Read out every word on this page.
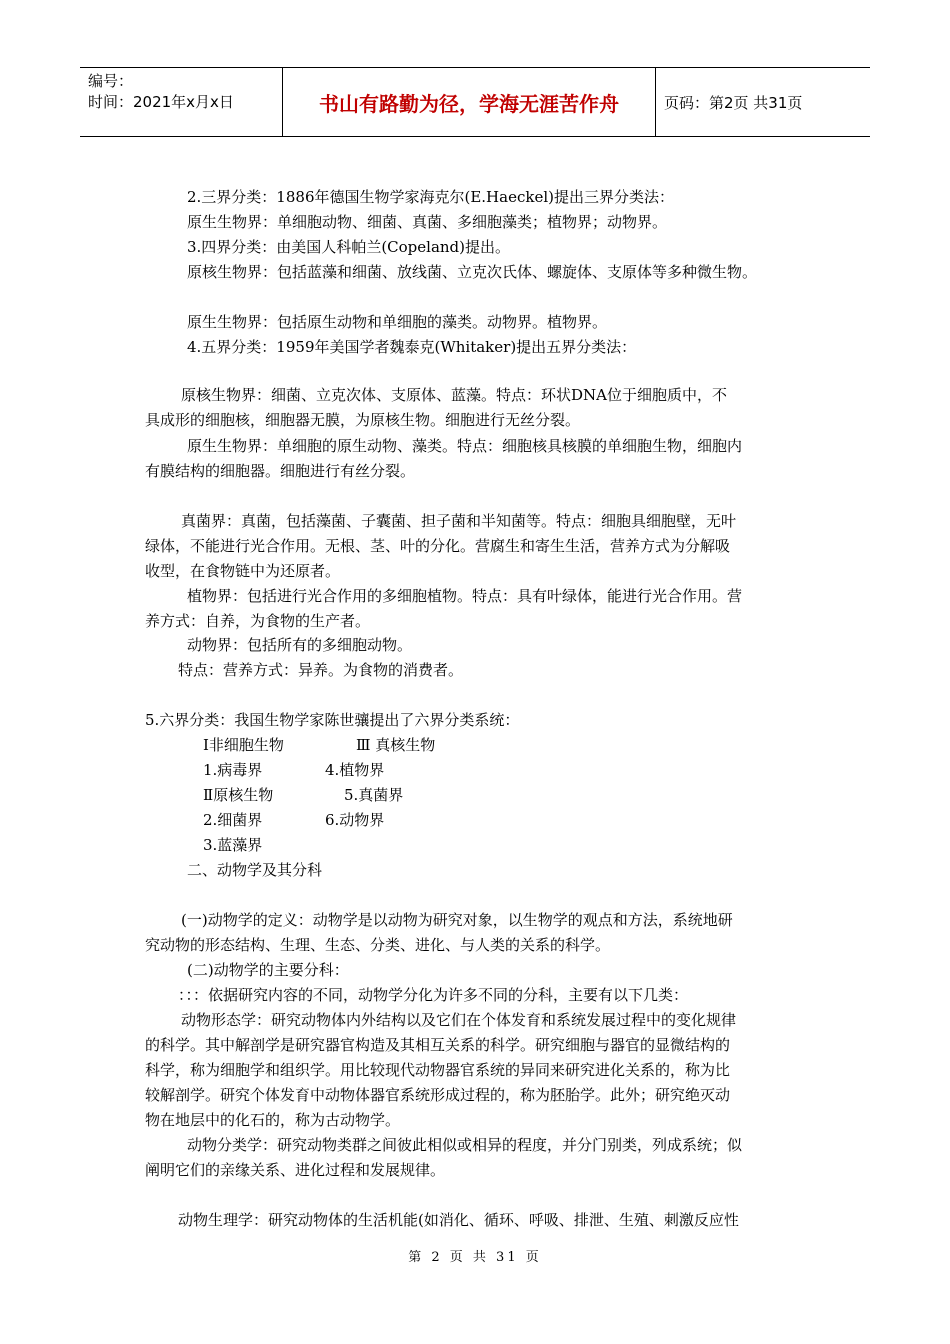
编号：
时间：2021年x月x日	书山有路勤为径，学海无涯苦作舟	页码：第2页 共31页
2.三界分类：1886年德国生物学家海克尔(E.Haeckel)提出三界分类法：
原生生物界：单细胞动物、细菌、真菌、多细胞藻类；植物界；动物界。
3.四界分类：由美国人科帕兰(Copeland)提出。
原核生物界：包括蓝藻和细菌、放线菌、立克次氏体、螺旋体、支原体等多种微生物。
原生生物界：包括原生动物和单细胞的藻类。动物界。植物界。
4.五界分类：1959年美国学者魏泰克(Whitaker)提出五界分类法：
原核生物界：细菌、立克次体、支原体、蓝藻。特点：环状DNA位于细胞质中，不
具成形的细胞核，细胞器无膜，为原核生物。细胞进行无丝分裂。
原生生物界：单细胞的原生动物、藻类。特点：细胞核具核膜的单细胞生物，细胞内
有膜结构的细胞器。细胞进行有丝分裂。
真菌界：真菌，包括藻菌、子囊菌、担子菌和半知菌等。特点：细胞具细胞壁，无叶
绿体，不能进行光合作用。无根、茎、叶的分化。营腐生和寄生生活，营养方式为分解吸
收型，在食物链中为还原者。
植物界：包括进行光合作用的多细胞植物。特点：具有叶绿体，能进行光合作用。营
养方式：自养，为食物的生产者。
动物界：包括所有的多细胞动物。
特点：营养方式：异养。为食物的消费者。
5.六界分类：我国生物学家陈世骧提出了六界分类系统：
Ⅰ非细胞生物	Ⅲ 真核生物
1.病毒界	4.植物界
Ⅱ原核生物	5.真菌界
2.细菌界	6.动物界
3.蓝藻界
二、动物学及其分科
(一)动物学的定义：动物学是以动物为研究对象，以生物学的观点和方法，系统地研
究动物的形态结构、生理、生态、分类、进化、与人类的关系的科学。
(二)动物学的主要分科：
：：：依据研究内容的不同，动物学分化为许多不同的分科，主要有以下几类：
动物形态学：研究动物体内外结构以及它们在个体发育和系统发展过程中的变化规律
的科学。其中解剖学是研究器官构造及其相互关系的科学。研究细胞与器官的显微结构的
科学，称为细胞学和组织学。用比较现代动物器官系统的异同来研究进化关系的，称为比
较解剖学。研究个体发育中动物体器官系统形成过程的，称为胚胎学。此外；研究绝灭动
物在地层中的化石的，称为古动物学。
动物分类学：研究动物类群之间彼此相似或相异的程度，并分门别类，列成系统；似
阐明它们的亲缘关系、进化过程和发展规律。
动物生理学：研究动物体的生活机能(如消化、循环、呼吸、排泄、生殖、刺激反应性
第 2 页 共 31 页
